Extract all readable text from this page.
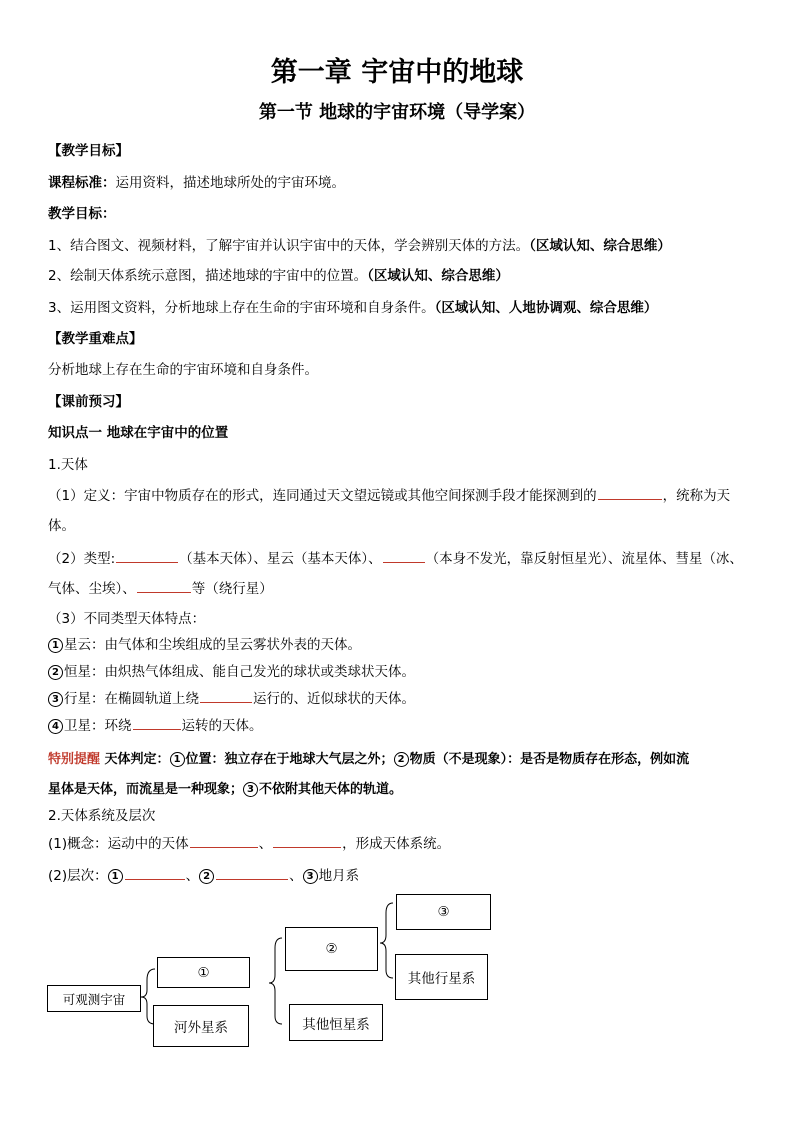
第一章 宇宙中的地球
第一节 地球的宇宙环境（导学案）
【教学目标】
课程标准：运用资料，描述地球所处的宇宙环境。
教学目标：
1、结合图文、视频材料，了解宇宙并认识宇宙中的天体，学会辨别天体的方法。（区域认知、综合思维）
2、绘制天体系统示意图，描述地球的宇宙中的位置。（区域认知、综合思维）
3、运用图文资料，分析地球上存在生命的宇宙环境和自身条件。（区域认知、人地协调观、综合思维）
【教学重难点】
分析地球上存在生命的宇宙环境和自身条件。
【课前预习】
知识点一 地球在宇宙中的位置
1.天体
（1）定义：宇宙中物质存在的形式，连同通过天文望远镜或其他空间探测手段才能探测到的	，统称为天
体。
（2）类型:	（基本天体）、星云（基本天体）、	（本身不发光，靠反射恒星光）、流星体、彗星（冰、
气体、尘埃）、	等（绕行星）
（3）不同类型天体特点：
1 星云：由气体和尘埃组成的呈云雾状外表的天体。
2 恒星：由炽热气体组成、能自己发光的球状或类球状天体。
3 行星：在椭圆轨道上绕	运行的、近似球状的天体。
4 卫星：环绕	运转的天体。
特别提醒 天体判定： 1 位置：独立存在于地球大气层之外； 2 物质（不是现象）：是否是物质存在形态，例如流
星体是天体，而流星是一种现象； 3 不依附其他天体的轨道。
2.天体系统及层次
(1)概念：运动中的天体	、	，形成天体系统。
(2)层次： 1	、 2	、 3 地月系
可观测宇宙
①
河外星系
②
其他恒星系
③
其他行星系
